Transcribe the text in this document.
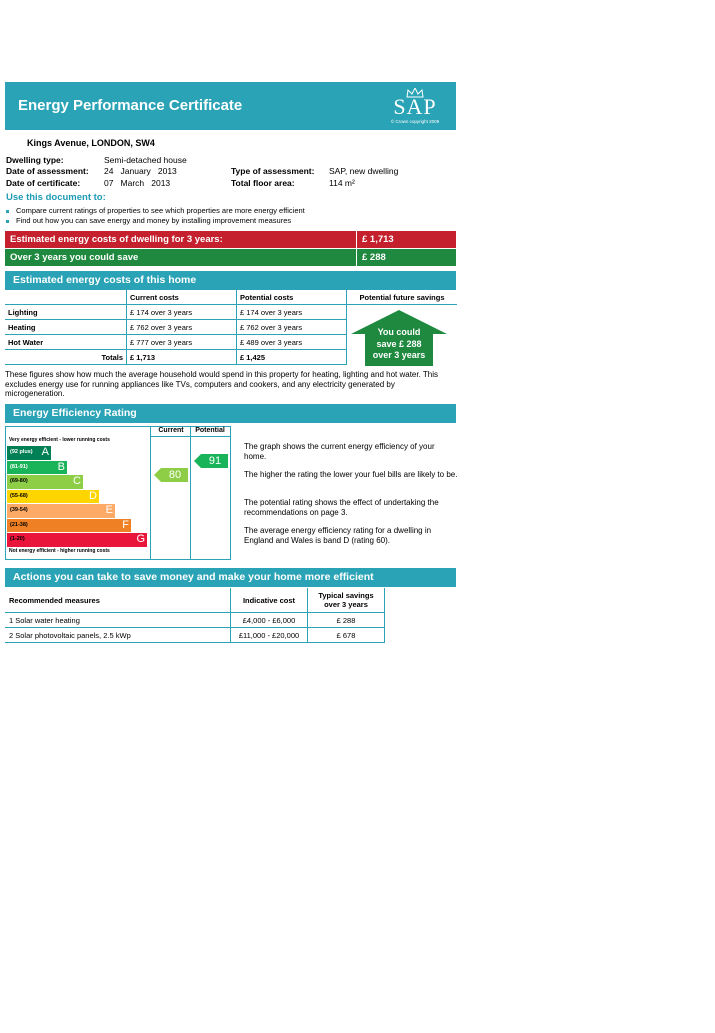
Energy Performance Certificate	SAP
© Crown copyright 2009
Kings Avenue, LONDON, SW4
Dwelling type:	Semi-detached house
Date of assessment: 24   January   2013
Date of certificate:	07   March   2013
Type of assessment: SAP, new dwelling
Total floor area:	114 m²
Use this document to:
Compare current ratings of properties to see which properties are more energy efficient
Find out how you can save energy and money by installing improvement measures
Estimated energy costs of dwelling for 3 years:	£ 1,713
Over 3 years you could save	£ 288
Estimated energy costs of this home
	Current costs	Potential costs	Potential future savings
Lighting	£ 174 over 3 years	£ 174 over 3 years	
Heating	£ 762 over 3 years	£ 762 over 3 years	
Hot Water	£ 777 over 3 years	£ 489 over 3 years	
Totals	£ 1,713	£ 1,425	
You could
save £ 288
over 3 years
These figures show how much the average household would spend in this property for heating, lighting and hot water. This excludes energy use for running appliances like TVs, computers and cookers, and any electricity generated by microgeneration.
Energy Efficiency Rating
Current	Potential
Very energy efficient - lower running costs
Not energy efficient - higher running costs
(92 plus) A
(81-91)	B
(69-80)	C
(55-68)	D
(39-54)	E
(21-38)	F
(1-20)	G
80
91
The graph shows the current energy efficiency of your home.
The higher the rating the lower your fuel bills are likely to be.
The potential rating shows the effect of undertaking the recommendations on page 3.
The average energy efficiency rating for a dwelling in England and Wales is band D (rating 60).
Actions you can take to save money and make your home more efficient
Recommended measures	Indicative cost	Typical savings
over 3 years

1 Solar water heating	£4,000 - £6,000	£ 288
2 Solar photovoltaic panels, 2.5 kWp	£11,000 - £20,000	£ 678
